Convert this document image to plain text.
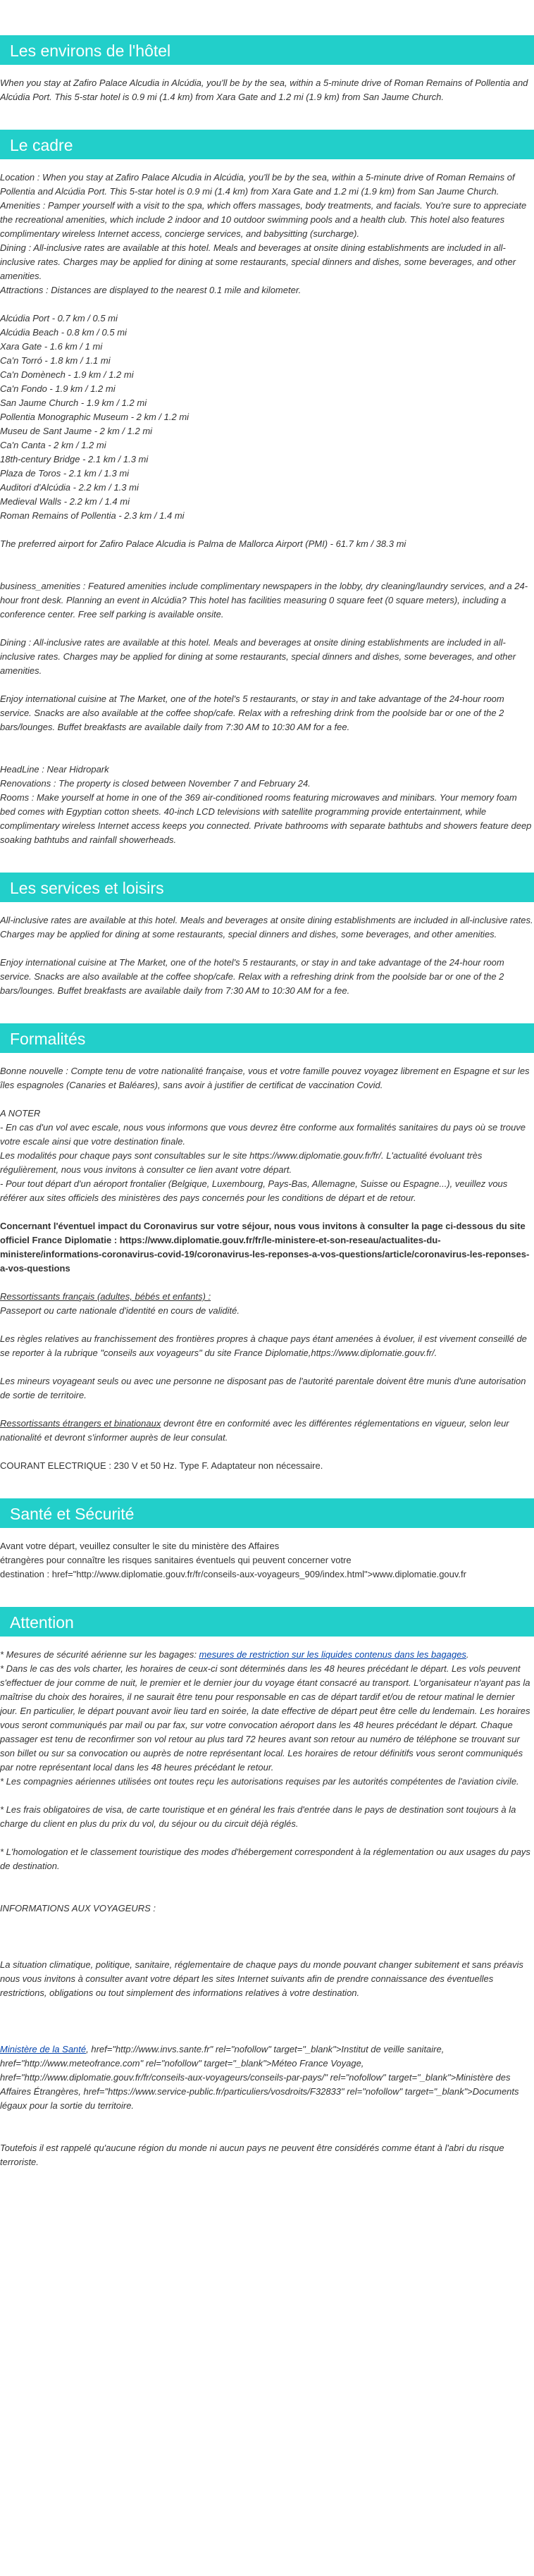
Les environs de l'hôtel

When you stay at Zafiro Palace Alcudia in Alcúdia, you'll be by the sea, within a 5-minute drive of Roman Remains of Pollentia and Alcúdia Port. This 5-star hotel is 0.9 mi (1.4 km) from Xara Gate and 1.2 mi (1.9 km) from San Jaume Church.

Le cadre

Location : When you stay at Zafiro Palace Alcudia in Alcúdia, you'll be by the sea, within a 5-minute drive of Roman Remains of Pollentia and Alcúdia Port. This 5-star hotel is 0.9 mi (1.4 km) from Xara Gate and 1.2 mi (1.9 km) from San Jaume Church.

Amenities : Pamper yourself with a visit to the spa, which offers massages, body treatments, and facials. You're sure to appreciate the recreational amenities, which include 2 indoor and 10 outdoor swimming pools and a health club. This hotel also features complimentary wireless Internet access, concierge services, and babysitting (surcharge).

Dining : All-inclusive rates are available at this hotel. Meals and beverages at onsite dining establishments are included in all-inclusive rates. Charges may be applied for dining at some restaurants, special dinners and dishes, some beverages, and other amenities.

Attractions : Distances are displayed to the nearest 0.1 mile and kilometer.

Alcúdia Port - 0.7 km / 0.5 mi
Alcúdia Beach - 0.8 km / 0.5 mi
Xara Gate - 1.6 km / 1 mi
Ca'n Torró - 1.8 km / 1.1 mi
Ca'n Domènech - 1.9 km / 1.2 mi
Ca'n Fondo - 1.9 km / 1.2 mi
San Jaume Church - 1.9 km / 1.2 mi
Pollentia Monographic Museum - 2 km / 1.2 mi
Museu de Sant Jaume - 2 km / 1.2 mi
Ca'n Canta - 2 km / 1.2 mi
18th-century Bridge - 2.1 km / 1.3 mi
Plaza de Toros - 2.1 km / 1.3 mi
Auditori d'Alcúdia - 2.2 km / 1.3 mi
Medieval Walls - 2.2 km / 1.4 mi
Roman Remains of Pollentia - 2.3 km / 1.4 mi

The preferred airport for Zafiro Palace Alcudia is Palma de Mallorca Airport (PMI) - 61.7 km / 38.3 mi

business_amenities : Featured amenities include complimentary newspapers in the lobby, dry cleaning/laundry services, and a 24-hour front desk. Planning an event in Alcúdia? This hotel has facilities measuring 0 square feet (0 square meters), including a conference center. Free self parking is available onsite.

Dining : All-inclusive rates are available at this hotel. Meals and beverages at onsite dining establishments are included in all-inclusive rates. Charges may be applied for dining at some restaurants, special dinners and dishes, some beverages, and other amenities.

Enjoy international cuisine at The Market, one of the hotel's 5 restaurants, or stay in and take advantage of the 24-hour room service. Snacks are also available at the coffee shop/cafe. Relax with a refreshing drink from the poolside bar or one of the 2 bars/lounges. Buffet breakfasts are available daily from 7:30 AM to 10:30 AM for a fee.

HeadLine : Near Hidropark

Renovations : The property is closed between November 7 and February 24.

Rooms : Make yourself at home in one of the 369 air-conditioned rooms featuring microwaves and minibars. Your memory foam bed comes with Egyptian cotton sheets. 40-inch LCD televisions with satellite programming provide entertainment, while complimentary wireless Internet access keeps you connected. Private bathrooms with separate bathtubs and showers feature deep soaking bathtubs and rainfall showerheads.

Les services et loisirs

All-inclusive rates are available at this hotel. Meals and beverages at onsite dining establishments are included in all-inclusive rates. Charges may be applied for dining at some restaurants, special dinners and dishes, some beverages, and other amenities.

Enjoy international cuisine at The Market, one of the hotel's 5 restaurants, or stay in and take advantage of the 24-hour room service. Snacks are also available at the coffee shop/cafe. Relax with a refreshing drink from the poolside bar or one of the 2 bars/lounges. Buffet breakfasts are available daily from 7:30 AM to 10:30 AM for a fee.

Formalités

Bonne nouvelle : Compte tenu de votre nationalité française, vous et votre famille pouvez voyagez librement en Espagne et sur les îles espagnoles (Canaries et Baléares), sans avoir à justifier de certificat de vaccination Covid.

A NOTER

- En cas d'un vol avec escale, nous vous informons que vous devrez être conforme aux formalités sanitaires du pays où se trouve votre escale ainsi que votre destination finale.

Les modalités pour chaque pays sont consultables sur le site https://www.diplomatie.gouv.fr/fr/. L'actualité évoluant très régulièrement, nous vous invitons à consulter ce lien avant votre départ.

- Pour tout départ d'un aéroport frontalier (Belgique, Luxembourg, Pays-Bas, Allemagne, Suisse ou Espagne...), veuillez vous référer aux sites officiels des ministères des pays concernés pour les conditions de départ et de retour.

Concernant l'éventuel impact du Coronavirus sur votre séjour, nous vous invitons à consulter la page ci-dessous du site officiel France Diplomatie : https://www.diplomatie.gouv.fr/fr/le-ministere-et-son-reseau/actualites-du-ministere/informations-coronavirus-covid-19/coronavirus-les-reponses-a-vos-questions/article/coronavirus-les-reponses-a-vos-questions

Ressortissants français (adultes, bébés et enfants) :

Passeport ou carte nationale d'identité en cours de validité.

Les règles relatives au franchissement des frontières propres à chaque pays étant amenées à évoluer, il est vivement conseillé de se reporter à la rubrique "conseils aux voyageurs" du site France Diplomatie,https://www.diplomatie.gouv.fr/.

Les mineurs voyageant seuls ou avec une personne ne disposant pas de l'autorité parentale doivent être munis d'une autorisation de sortie de territoire.

Ressortissants étrangers et binationaux devront être en conformité avec les différentes réglementations en vigueur, selon leur nationalité et devront s'informer auprès de leur consulat.

COURANT ELECTRIQUE : 230 V et 50 Hz. Type F. Adaptateur non nécessaire.

Santé et Sécurité

Avant votre départ, veuillez consulter le site du ministère des Affaires

étrangères pour connaître les risques sanitaires éventuels qui peuvent concerner votre

destination : href="http://www.diplomatie.gouv.fr/fr/conseils-aux-voyageurs_909/index.html">www.diplomatie.gouv.fr

Attention

* Mesures de sécurité aérienne sur les bagages: mesures de restriction sur les liquides contenus dans les bagages.

* Dans le cas des vols charter, les horaires de ceux-ci sont déterminés dans les 48 heures précédant le départ. Les vols peuvent s'effectuer de jour comme de nuit, le premier et le dernier jour du voyage étant consacré au transport. L'organisateur n'ayant pas la maîtrise du choix des horaires, il ne saurait être tenu pour responsable en cas de départ tardif et/ou de retour matinal le dernier jour. En particulier, le départ pouvant avoir lieu tard en soirée, la date effective de départ peut être celle du lendemain. Les horaires vous seront communiqués par mail ou par fax, sur votre convocation aéroport dans les 48 heures précédant le départ. Chaque passager est tenu de reconfirmer son vol retour au plus tard 72 heures avant son retour au numéro de téléphone se trouvant sur son billet ou sur sa convocation ou auprès de notre représentant local. Les horaires de retour définitifs vous seront communiqués par notre représentant local dans les 48 heures précédant le retour.

* Les compagnies aériennes utilisées ont toutes reçu les autorisations requises par les autorités compétentes de l'aviation civile.

* Les frais obligatoires de visa, de carte touristique et en général les frais d'entrée dans le pays de destination sont toujours à la charge du client en plus du prix du vol, du séjour ou du circuit déjà réglés.

* L'homologation et le classement touristique des modes d'hébergement correspondent à la réglementation ou aux usages du pays de destination.

INFORMATIONS AUX VOYAGEURS :

La situation climatique, politique, sanitaire, réglementaire de chaque pays du monde pouvant changer subitement et sans préavis

nous vous invitons à consulter avant votre départ les sites Internet suivants afin de prendre connaissance des éventuelles restrictions, obligations ou tout simplement des informations relatives à votre destination.

Ministère de la Santé, href="http://www.invs.sante.fr" rel="nofollow" target="_blank">Institut de veille sanitaire, href="http://www.meteofrance.com" rel="nofollow" target="_blank">Méteo France Voyage, href="http://www.diplomatie.gouv.fr/fr/conseils-aux-voyageurs/conseils-par-pays/" rel="nofollow" target="_blank">Ministère des Affaires Étrangères, href="https://www.service-public.fr/particuliers/vosdroits/F32833" rel="nofollow" target="_blank">Documents légaux pour la sortie du territoire.

Toutefois il est rappelé qu'aucune région du monde ni aucun pays ne peuvent être considérés comme étant à l'abri du risque terroriste.
